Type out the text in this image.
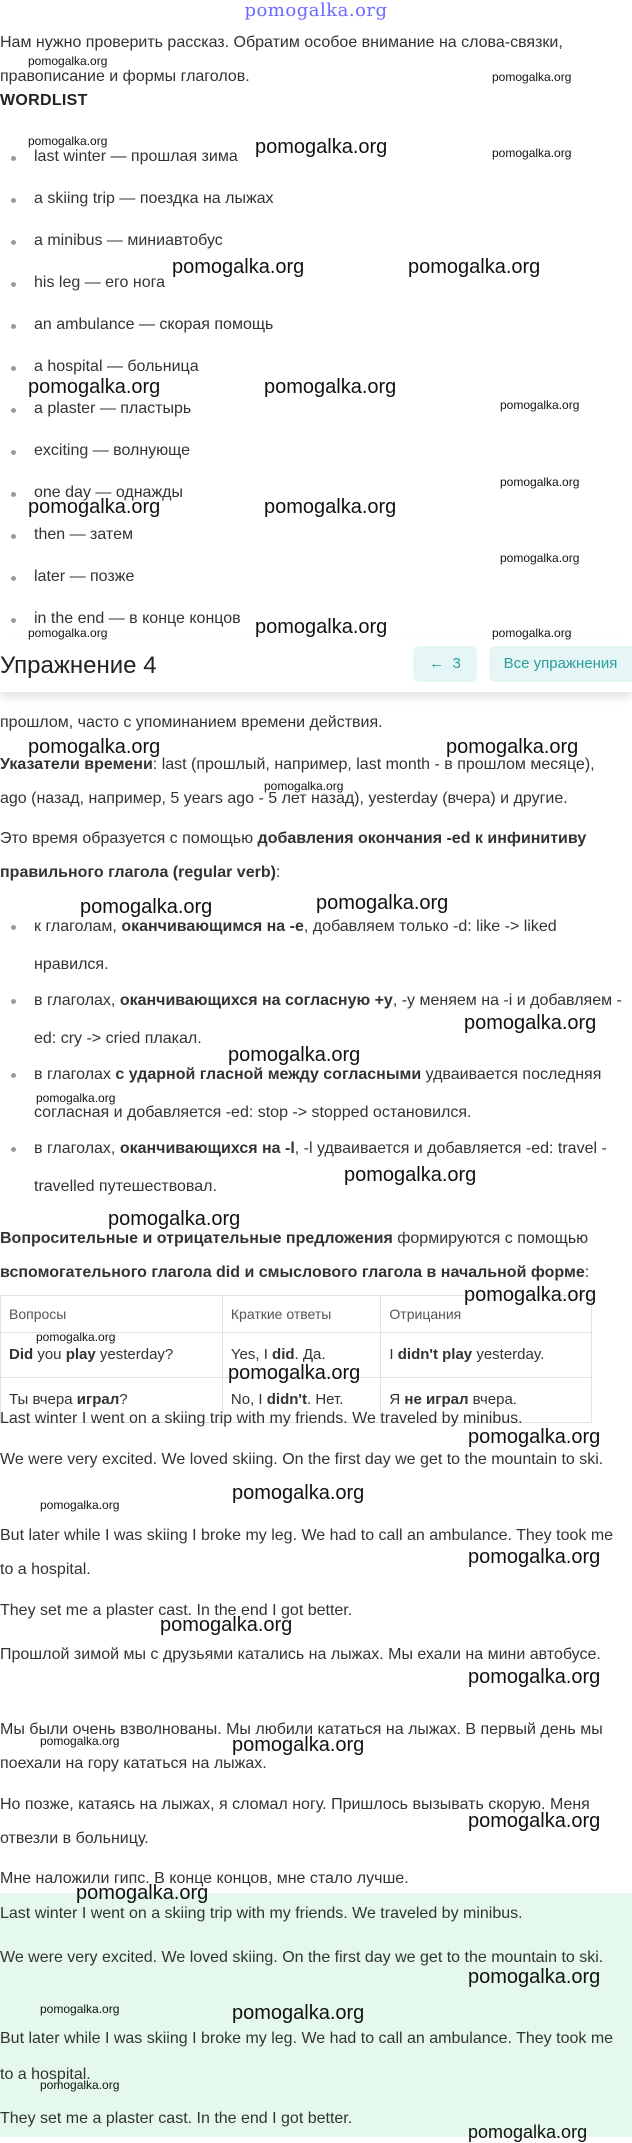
pomogalka.org
Нам нужно проверить рассказ. Обратим особое внимание на слова-связки, правописание и формы глаголов.
WORDLIST
last winter — прошлая зима
a skiing trip — поездка на лыжах
a minibus — миниавтобус
his leg — его нога
an ambulance — скорая помощь
a hospital — больница
a plaster — пластырь
exciting — волнующе
one day — однажды
then — затем
later — позже
in the end — в конце концов
прошлом, часто с упоминанием времени действия.
Указатели времени: last (прошлый, например, last month - в прошлом месяце), ago (назад, например, 5 years ago - 5 лет назад), yesterday (вчера) и другие.
Это время образуется с помощью добавления окончания -ed к инфинитиву правильного глагола (regular verb):
к глаголам, оканчивающимся на -e, добавляем только -d: like -> liked нравился.
в глаголах, оканчивающихся на согласную +y, -y меняем на -i и добавляем -ed: cry -> cried плакал.
в глаголах с ударной гласной между согласными удваивается последняя согласная и добавляется -ed: stop -> stopped остановился.
в глаголах, оканчивающихся на -l, -l удваивается и добавляется -ed: travel - travelled путешествовал.
Вопросительные и отрицательные предложения формируются с помощью вспомогательного глагола did и смыслового глагола в начальной форме:
Вопросы	Краткие ответы	Отрицания
Did you play yesterday?	Yes, I did. Да.	I didn't play yesterday.
Ты вчера играл?	No, I didn't. Нет.	Я не играл вчера.
Last winter I went on a skiing trip with my friends. We traveled by minibus.
We were very excited. We loved skiing. On the first day we get to the mountain to ski.
But later while I was skiing I broke my leg. We had to call an ambulance. They took me to a hospital.
They set me a plaster cast. In the end I got better.
Прошлой зимой мы с друзьями катались на лыжах. Мы ехали на мини автобусе.
Мы были очень взволнованы. Мы любили кататься на лыжах. В первый день мы поехали на гору кататься на лыжах.
Но позже, катаясь на лыжах, я сломал ногу. Пришлось вызывать скорую. Меня отвезли в больницу.
Мне наложили гипс. В конце концов, мне стало лучше.
Last winter I went on a skiing trip with my friends. We traveled by minibus.
We were very excited. We loved skiing. On the first day we get to the mountain to ski.
But later while I was skiing I broke my leg. We had to call an ambulance. They took me to a hospital.
They set me a plaster cast. In the end I got better.
Упражнение 4	← 3	Все упражнения
pomogalka.org
pomogalka.org
pomogalka.org	pomogalka.org	pomogalka.org
pomogalka.org	pomogalka.org
pomogalka.org	pomogalka.org
pomogalka.org
pomogalka.org
pomogalka.org	pomogalka.org
pomogalka.org
pomogalka.org	pomogalka.org	pomogalka.org
pomogalka.org	pomogalka.org
pomogalka.org
pomogalka.org	pomogalka.org
pomogalka.org
pomogalka.org
pomogalka.org
pomogalka.org
pomogalka.org
pomogalka.org
pomogalka.org
pomogalka.org
pomogalka.org
pomogalka.org
pomogalka.org
pomogalka.org
pomogalka.org
pomogalka.org
pomogalka.org	pomogalka.org
pomogalka.org
pomogalka.org
pomogalka.org
pomogalka.org	pomogalka.org
pomogalka.org
pomogalka.org
